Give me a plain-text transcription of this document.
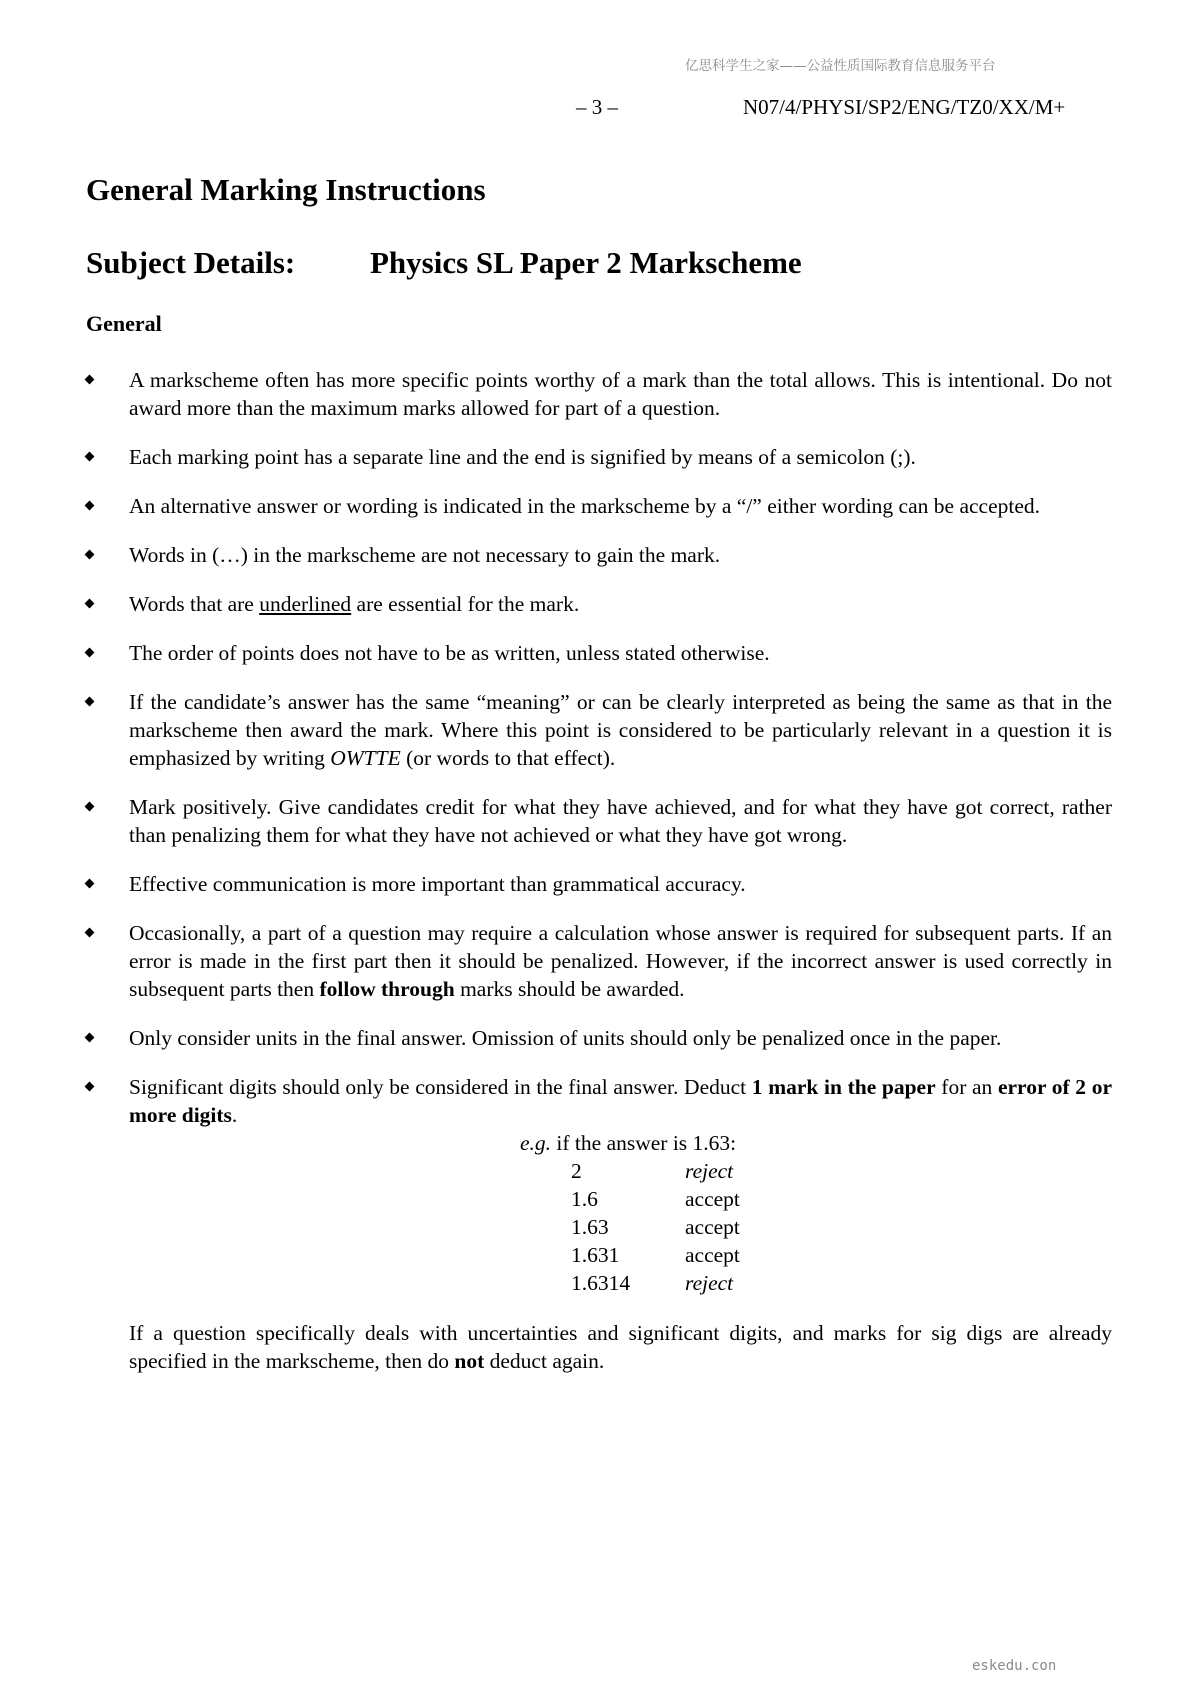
亿思科学生之家——公益性质国际教育信息服务平台
– 3 –	N07/4/PHYSI/SP2/ENG/TZ0/XX/M+
General Marking Instructions
Subject Details: Physics SL Paper 2 Markscheme
General
A markscheme often has more specific points worthy of a mark than the total allows. This is intentional. Do not award more than the maximum marks allowed for part of a question.
Each marking point has a separate line and the end is signified by means of a semicolon (;).
An alternative answer or wording is indicated in the markscheme by a “/” either wording can be accepted.
Words in (…) in the markscheme are not necessary to gain the mark.
Words that are underlined are essential for the mark.
The order of points does not have to be as written, unless stated otherwise.
If the candidate’s answer has the same “meaning” or can be clearly interpreted as being the same as that in the markscheme then award the mark. Where this point is considered to be particularly relevant in a question it is emphasized by writing OWTTE (or words to that effect).
Mark positively. Give candidates credit for what they have achieved, and for what they have got correct, rather than penalizing them for what they have not achieved or what they have got wrong.
Effective communication is more important than grammatical accuracy.
Occasionally, a part of a question may require a calculation whose answer is required for subsequent parts. If an error is made in the first part then it should be penalized. However, if the incorrect answer is used correctly in subsequent parts then follow through marks should be awarded.
Only consider units in the final answer. Omission of units should only be penalized once in the paper.
Significant digits should only be considered in the final answer. Deduct 1 mark in the paper for an error of 2 or more digits.
e.g. if the answer is 1.63:
2	reject
1.6	accept
1.63	accept
1.631	accept
1.6314	reject
If a question specifically deals with uncertainties and significant digits, and marks for sig digs are already specified in the markscheme, then do not deduct again.
eskedu.con
